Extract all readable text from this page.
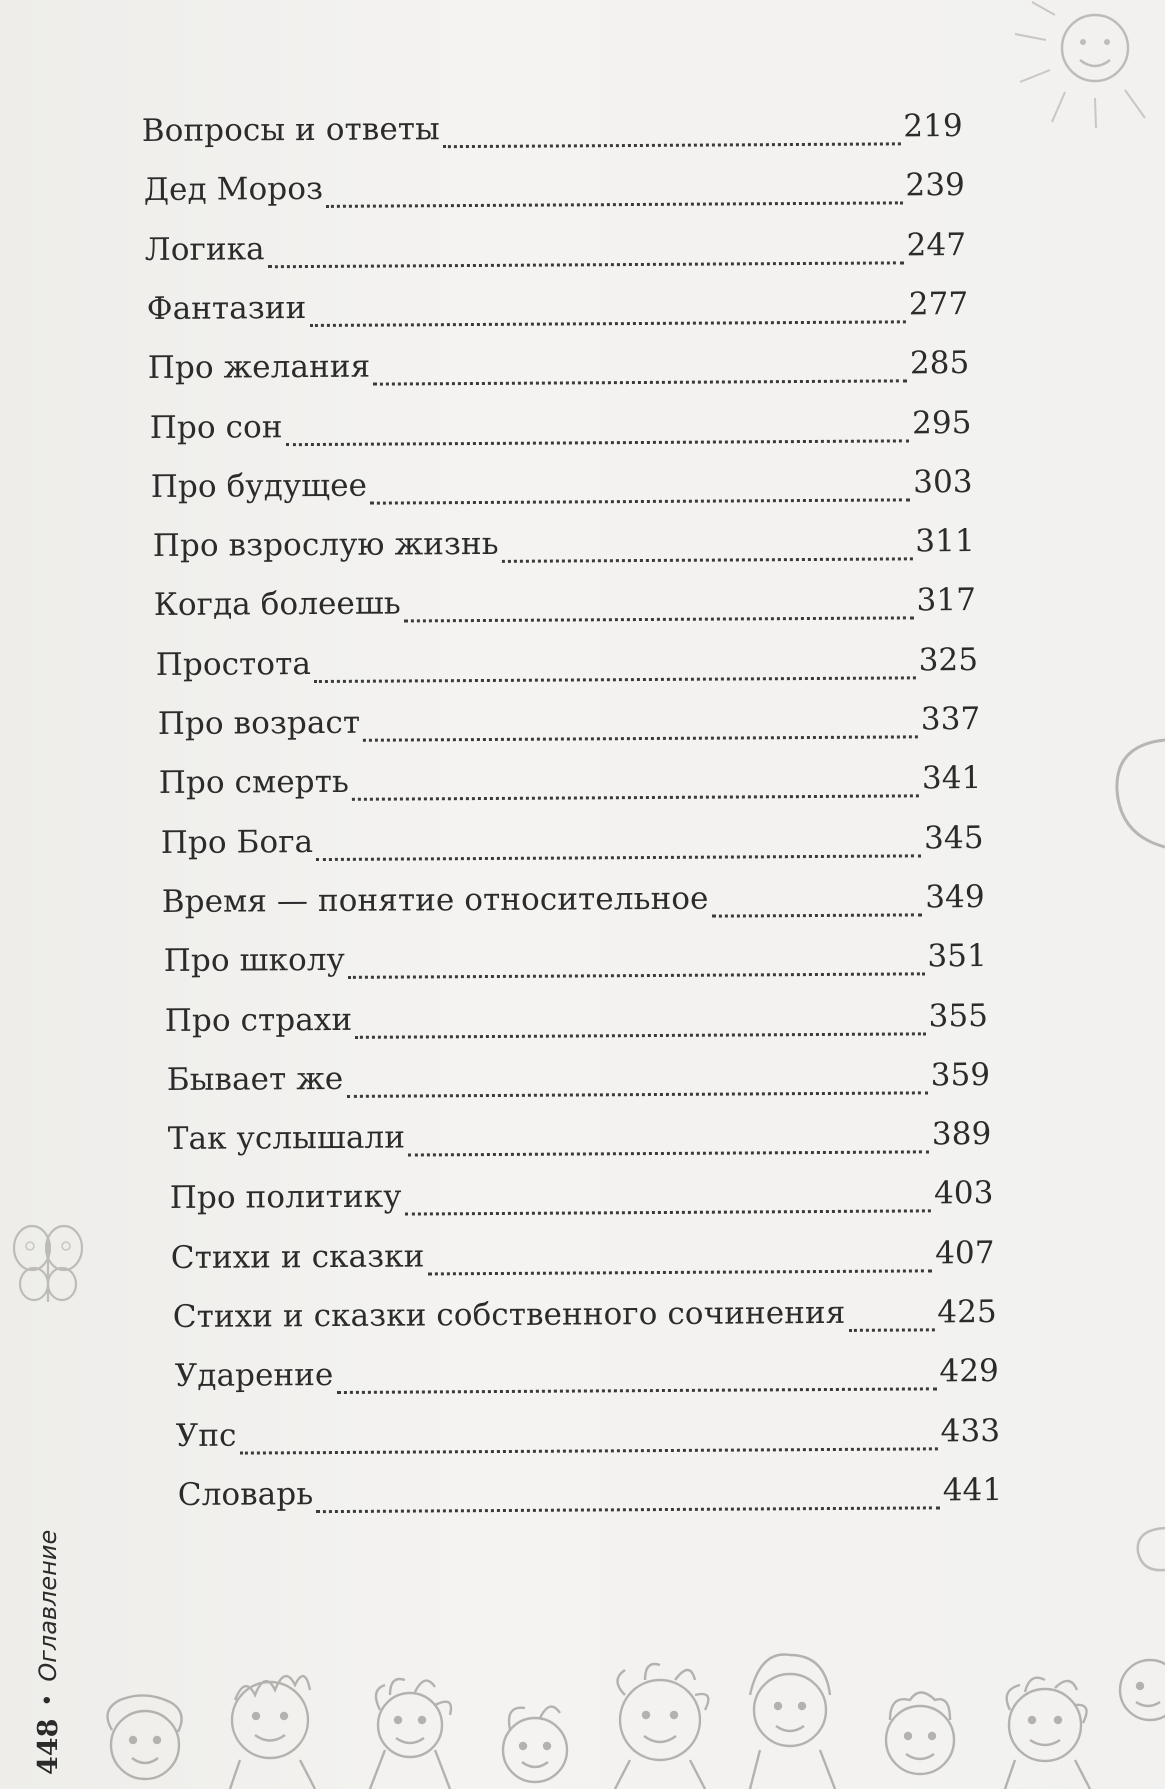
Вопросы и ответы	219
Дед Мороз	239
Логика	247
Фантазии	277
Про желания	285
Про сон	295
Про будущее	303
Про взрослую жизнь	311
Когда болеешь	317
Простота	325
Про возраст	337
Про смерть	341
Про Бога	345
Время — понятие относительное	349
Про школу	351
Про страхи	355
Бывает же	359
Так услышали	389
Про политику	403
Стихи и сказки	407
Стихи и сказки собственного сочинения	425
Ударение	429
Упс	433
Словарь	441
448
•
Оглавление
